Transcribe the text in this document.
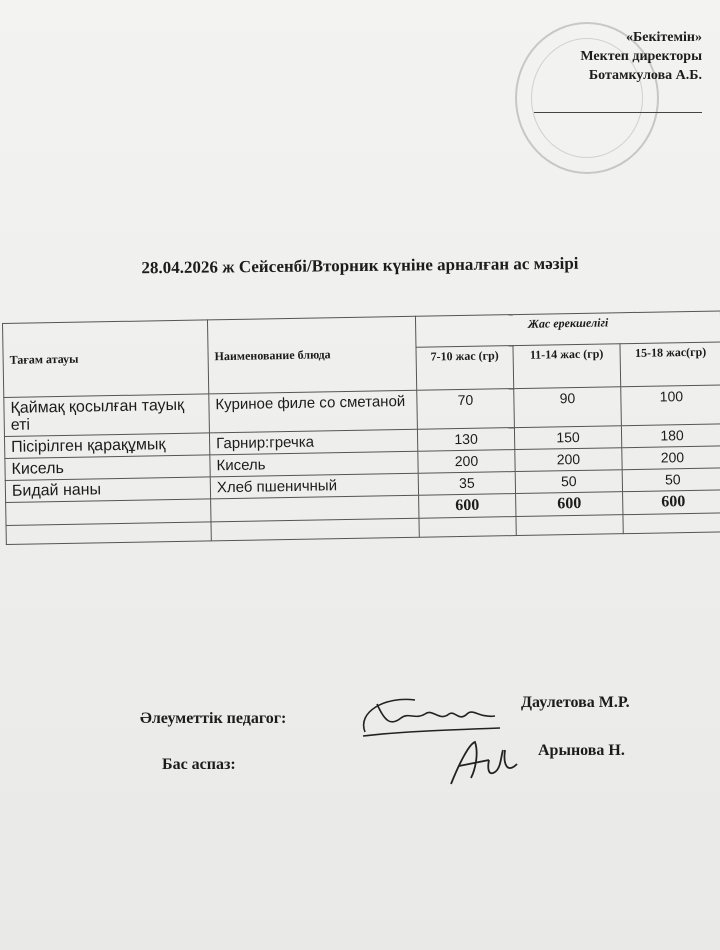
«Бекітемін»
Мектеп директоры
Ботамкулова А.Б.
28.04.2026 ж Сейсенбі/Вторник күніне арналған ас мәзірі
Тағам атауы	Наименование блюда	Жас ерекшелігі		
		7-10 жас (гр)	11-14 жас (гр)	15-18 жас(гр)
Қаймақ қосылған тауық еті	Куриное филе со сметаной	70	90	100
Пісірілген қарақұмық	Гарнир:гречка	130	150	180
Кисель	Кисель	200	200	200
Бидай наны	Хлеб пшеничный	35	50	50
		600	600	600

Әлеуметтік педагог:
Даулетова М.Р.
Бас аспаз:
Арынова Н.
